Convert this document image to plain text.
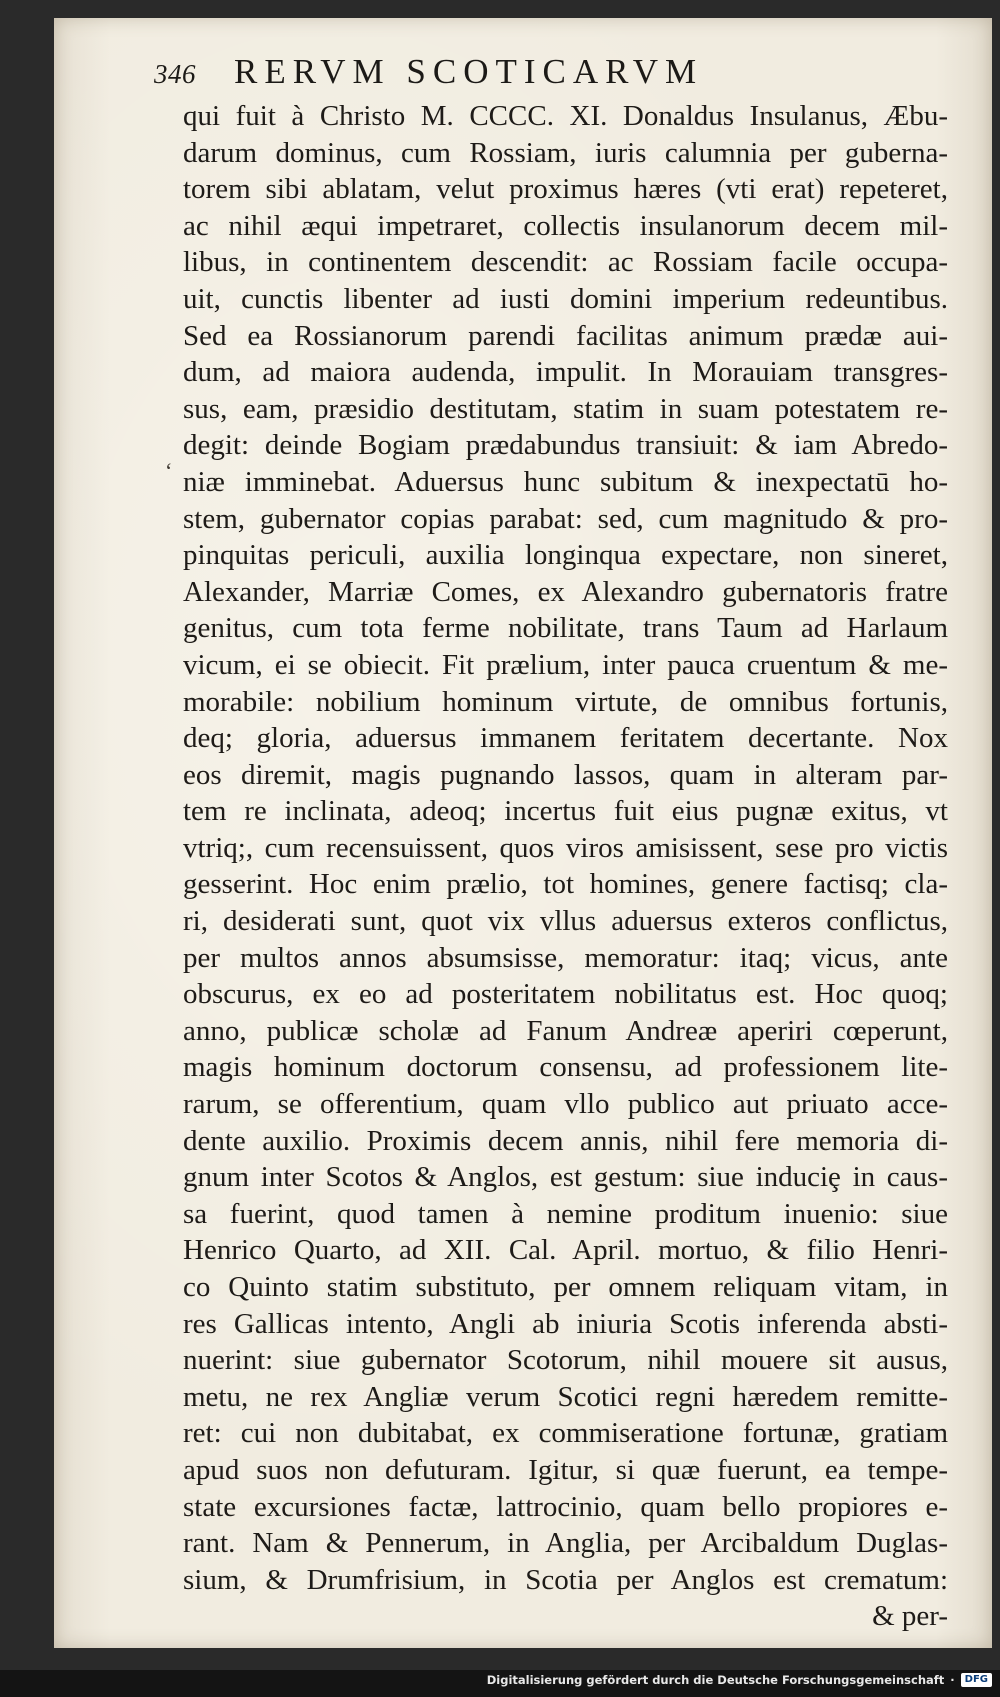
346	RERVM SCOTICARVM
‘
qui fuit à Christo M. CCCC. XI. Donaldus Insulanus, Æbu-
darum dominus, cum Rossiam, iuris calumnia per guberna-
torem sibi ablatam, velut proximus hæres (vti erat) repeteret,
ac nihil æqui impetraret, collectis insulanorum decem mil-
libus, in continentem descendit: ac Rossiam facile occupa-
uit, cunctis libenter ad iusti domini imperium redeuntibus.
Sed ea Rossianorum parendi facilitas animum prædæ aui-
dum, ad maiora audenda, impulit. In Morauiam transgres-
sus, eam, præsidio destitutam, statim in suam potestatem re-
degit: deinde Bogiam prædabundus transiuit: & iam Abredo-
niæ imminebat. Aduersus hunc subitum & inexpectatū ho-
stem, gubernator copias parabat: sed, cum magnitudo & pro-
pinquitas periculi, auxilia longinqua expectare, non sineret,
Alexander, Marriæ Comes, ex Alexandro gubernatoris fratre
genitus, cum tota ferme nobilitate, trans Taum ad Harlaum
vicum, ei se obiecit. Fit prælium, inter pauca cruentum & me-
morabile: nobilium hominum virtute, de omnibus fortunis,
deq; gloria, aduersus immanem feritatem decertante. Nox
eos diremit, magis pugnando lassos, quam in alteram par-
tem re inclinata, adeoq; incertus fuit eius pugnæ exitus, vt
vtriq;, cum recensuissent, quos viros amisissent, sese pro victis
gesserint. Hoc enim prælio, tot homines, genere factisq; cla-
ri, desiderati sunt, quot vix vllus aduersus exteros conflictus,
per multos annos absumsisse, memoratur: itaq; vicus, ante
obscurus, ex eo ad posteritatem nobilitatus est. Hoc quoq;
anno, publicæ scholæ ad Fanum Andreæ aperiri cœperunt,
magis hominum doctorum consensu, ad professionem lite-
rarum, se offerentium, quam vllo publico aut priuato acce-
dente auxilio. Proximis decem annis, nihil fere memoria di-
gnum inter Scotos & Anglos, est gestum: siue induciȩ in caus-
sa fuerint, quod tamen à nemine proditum inuenio: siue
Henrico Quarto, ad XII. Cal. April. mortuo, & filio Henri-
co Quinto statim substituto, per omnem reliquam vitam, in
res Gallicas intento, Angli ab iniuria Scotis inferenda absti-
nuerint: siue gubernator Scotorum, nihil mouere sit ausus,
metu, ne rex Angliæ verum Scotici regni hæredem remitte-
ret: cui non dubitabat, ex commiseratione fortunæ, gratiam
apud suos non defuturam. Igitur, si quæ fuerunt, ea tempe-
state excursiones factæ, lattrocinio, quam bello propiores e-
rant. Nam & Pennerum, in Anglia, per Arcibaldum Duglas-
sium, & Drumfrisium, in Scotia per Anglos est crematum:
& per-
Digitalisierung gefördert durch die Deutsche Forschungsgemeinschaft ·	DFG
